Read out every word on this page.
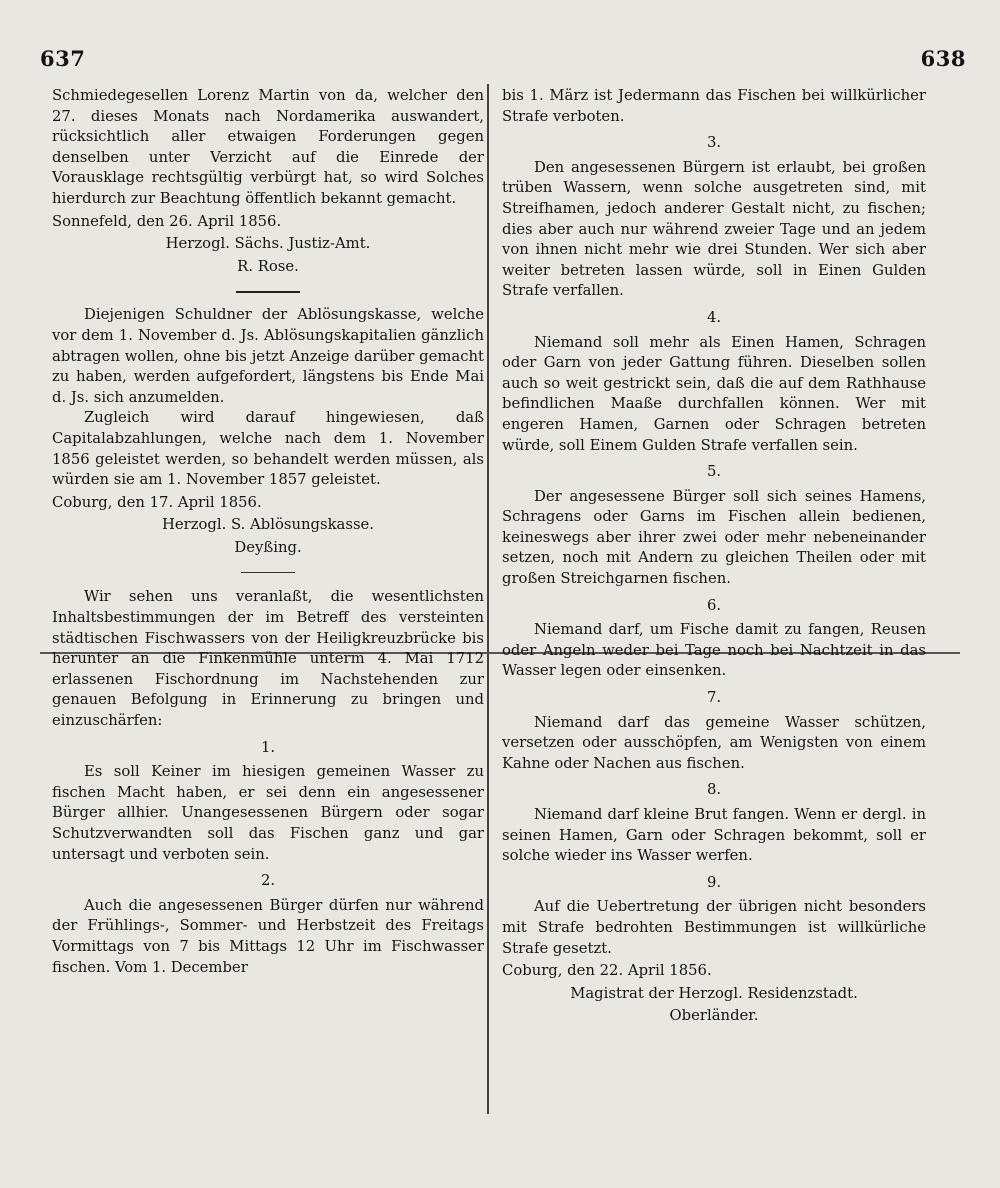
637	638

Schmiedegesellen Lorenz Martin von da, welcher den 27. dieses Monats nach Nordamerika auswandert, rücksichtlich aller etwaigen Forderungen gegen denselben unter Verzicht auf die Einrede der Vorausklage rechtsgültig verbürgt hat, so wird Solches hierdurch zur Beachtung öffentlich bekannt gemacht.

Sonnefeld, den 26. April 1856.

Herzogl. Sächs. Justiz-Amt.

R. Rose.

Diejenigen Schuldner der Ablösungskasse, welche vor dem 1. November d. Js. Ablösungskapitalien gänzlich abtragen wollen, ohne bis jetzt Anzeige darüber gemacht zu haben, werden aufgefordert, längstens bis Ende Mai d. Js. sich anzumelden.

Zugleich wird darauf hingewiesen, daß Capitalabzahlungen, welche nach dem 1. November 1856 geleistet werden, so behandelt werden müssen, als würden sie am 1. November 1857 geleistet.

Coburg, den 17. April 1856.

Herzogl. S. Ablösungskasse.

Deyßing.

Wir sehen uns veranlaßt, die wesentlichsten Inhaltsbestimmungen der im Betreff des versteinten städtischen Fischwassers von der Heiligkreuzbrücke bis herunter an die Finkenmühle unterm 4. Mai 1712 erlassenen Fischordnung im Nachstehenden zur genauen Befolgung in Erinnerung zu bringen und einzuschärfen:

1.

Es soll Keiner im hiesigen gemeinen Wasser zu fischen Macht haben, er sei denn ein angesessener Bürger allhier. Unangesessenen Bürgern oder sogar Schutzverwandten soll das Fischen ganz und gar untersagt und verboten sein.

2.

Auch die angesessenen Bürger dürfen nur während der Frühlings-, Sommer- und Herbstzeit des Freitags Vormittags von 7 bis Mittags 12 Uhr im Fischwasser fischen. Vom 1. December

bis 1. März ist Jedermann das Fischen bei willkürlicher Strafe verboten.

3.

Den angesessenen Bürgern ist erlaubt, bei großen trüben Wassern, wenn solche ausgetreten sind, mit Streifhamen, jedoch anderer Gestalt nicht, zu fischen; dies aber auch nur während zweier Tage und an jedem von ihnen nicht mehr wie drei Stunden. Wer sich aber weiter betreten lassen würde, soll in Einen Gulden Strafe verfallen.

4.

Niemand soll mehr als Einen Hamen, Schragen oder Garn von jeder Gattung führen. Dieselben sollen auch so weit gestrickt sein, daß die auf dem Rathhause befindlichen Maaße durchfallen können. Wer mit engeren Hamen, Garnen oder Schragen betreten würde, soll Einem Gulden Strafe verfallen sein.

5.

Der angesessene Bürger soll sich seines Hamens, Schragens oder Garns im Fischen allein bedienen, keineswegs aber ihrer zwei oder mehr nebeneinander setzen, noch mit Andern zu gleichen Theilen oder mit großen Streichgarnen fischen.

6.

Niemand darf, um Fische damit zu fangen, Reusen oder Angeln weder bei Tage noch bei Nachtzeit in das Wasser legen oder einsenken.

7.

Niemand darf das gemeine Wasser schützen, versetzen oder ausschöpfen, am Wenigsten von einem Kahne oder Nachen aus fischen.

8.

Niemand darf kleine Brut fangen. Wenn er dergl. in seinen Hamen, Garn oder Schragen bekommt, soll er solche wieder ins Wasser werfen.

9.

Auf die Uebertretung der übrigen nicht besonders mit Strafe bedrohten Bestimmungen ist willkürliche Strafe gesetzt.

Coburg, den 22. April 1856.

Magistrat der Herzogl. Residenzstadt.

Oberländer.
